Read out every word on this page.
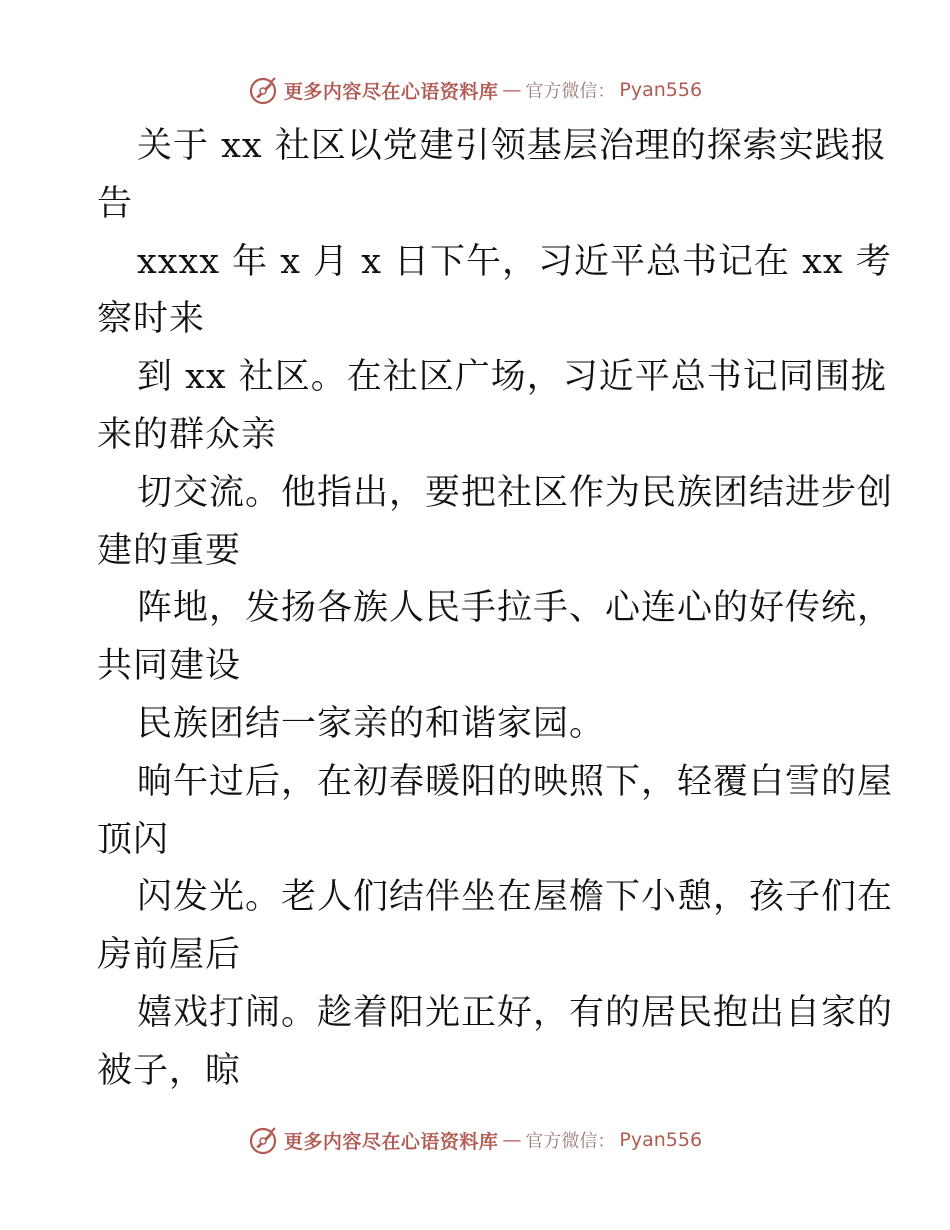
更多内容尽在心语资料库 — 官方微信： Pyan556
关于 xx 社区以党建引领基层治理的探索实践报
告
xxxx 年 x 月 x 日下午，习近平总书记在 xx 考
察时来
到 xx 社区。在社区广场，习近平总书记同围拢
来的群众亲
切交流。他指出，要把社区作为民族团结进步创
建的重要
阵地，发扬各族人民手拉手、心连心的好传统，
共同建设
民族团结一家亲的和谐家园。
晌午过后，在初春暖阳的映照下，轻覆白雪的屋
顶闪
闪发光。老人们结伴坐在屋檐下小憩，孩子们在
房前屋后
嬉戏打闹。趁着阳光正好，有的居民抱出自家的
被子，晾
更多内容尽在心语资料库 — 官方微信： Pyan556
